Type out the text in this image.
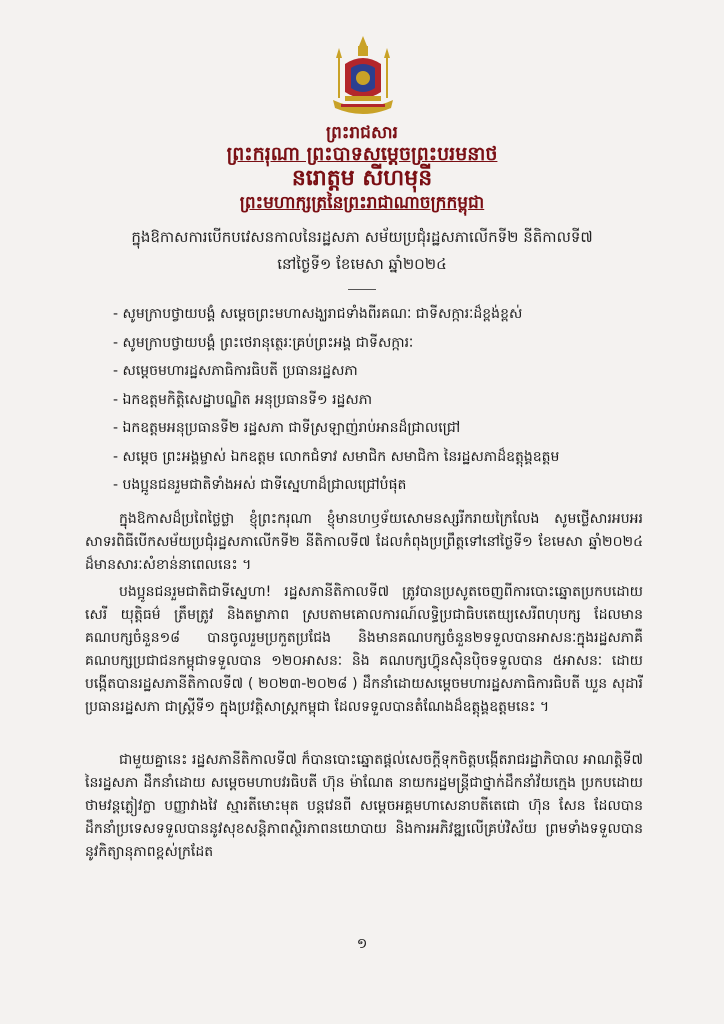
ព្រះរាជសារ
ព្រះករុណា ព្រះបាទសម្តេចព្រះបរមនាថ
នរោត្តម សីហមុនី
ព្រះមហាក្សត្រនៃព្រះរាជាណាចក្រកម្ពុជា
ក្នុងឱកាសការបើកបវេសនកាលនៃរដ្ឋសភា សម័យប្រជុំរដ្ឋសភាលើកទី២ នីតិកាលទី៧
នៅថ្ងៃទី១ ខែមេសា ឆ្នាំ២០២៤
- សូមក្រាបថ្វាយបង្គំ សម្តេចព្រះមហាសង្ឃរាជទាំងពីរគណៈ ជាទីសក្ការៈដ៏ខ្ពង់ខ្ពស់
- សូមក្រាបថ្វាយបង្គំ ព្រះថេរានុត្ថេរៈគ្រប់ព្រះអង្គ ជាទីសក្ការៈ
- សម្តេចមហារដ្ឋសភាធិការធិបតី ប្រធានរដ្ឋសភា
- ឯកឧត្តមកិត្តិសេដ្ឋាបណ្ឌិត អនុប្រធានទី១ រដ្ឋសភា
- ឯកឧត្តមអនុប្រធានទី២ រដ្ឋសភា ជាទីស្រឡាញ់រាប់អានដ៏ជ្រាលជ្រៅ
- សម្តេច ព្រះអង្គម្ចាស់ ឯកឧត្តម លោកជំទាវ សមាជិក សមាជិកា នៃរដ្ឋសភាដ៏ឧត្តុង្គឧត្តម
- បងប្អូនជនរួមជាតិទាំងអស់ ជាទីស្នេហាដ៏ជ្រាលជ្រៅបំផុត

ក្នុងឱកាសដ៏ប្រពៃថ្លៃថ្លា ខ្ញុំព្រះករុណា ខ្ញុំមានហឫទ័យសោមនស្សរីករាយក្រៃលែង សូមថ្លើសារអបអរសាទរពិធីបើកសម័យប្រជុំរដ្ឋសភាលើកទី២ នីតិកាលទី៧ ដែលកំពុងប្រព្រឹត្តទៅនៅថ្ងៃទី១ ខែមេសា ឆ្នាំ២០២៤ ដ៏មានសារៈសំខាន់នាពេលនេះ ។

បងប្អូនជនរួមជាតិជាទីស្នេហា! រដ្ឋសភានីតិកាលទី៧ ត្រូវបានប្រសូតចេញពីការបោះឆ្នោតប្រកបដោយសេរី យុត្តិធម៌ ត្រឹមត្រូវ និងតម្លាភាព ស្របតាមគោលការណ៍លទ្ធិប្រជាធិបតេយ្យសេរីពហុបក្ស ដែលមានគណបក្សចំនួន១៨ បានចូលរួមប្រកួតប្រជែង និងមានគណបក្សចំនួន២ទទួលបានអាសនៈក្នុងរដ្ឋសភាគឺ គណបក្សប្រជាជនកម្ពុជាទទួលបាន ១២០អាសនៈ និង គណបក្សហ៊្វុនស៊ិនប៉ិចទទួលបាន ៥អាសនៈ ដោយបង្កើតបានរដ្ឋសភានីតិកាលទី៧ ( ២០២៣-២០២៨ ) ដឹកនាំដោយសម្តេចមហារដ្ឋសភាធិការធិបតី ឃួន សុដារី ប្រធានរដ្ឋសភា ជាស្ត្រីទី១ ក្នុងប្រវត្តិសាស្ត្រកម្ពុជា ដែលទទួលបានតំណែងដ៏ឧត្តុង្គឧត្តមនេះ ។

ជាមួយគ្នានេះ រដ្ឋសភានីតិកាលទី៧ ក៏បានបោះឆ្នោតផ្តល់សេចក្តីទុកចិត្តបង្កើតរាជរដ្ឋាភិបាល អាណត្តិទី៧ នៃរដ្ឋសភា ដឹកនាំដោយ សម្តេចមហាបវរធិបតី ហ៊ុន ម៉ាណែត នាយករដ្ឋមន្ត្រីជាថ្នាក់ដឹកនាំវ័យក្មេង ប្រកបដោយថាមវន្តភ្លៀវក្លា បញ្ញាវាងវៃ ស្មារតីមោះមុត បន្តវេនពី សម្តេចអគ្គមហាសេនាបតីតេជោ ហ៊ុន សែន ដែលបានដឹកនាំប្រទេសទទួលបាននូវសុខសន្តិភាពស្ថិរភាពនយោបាយ និងការអភិវឌ្ឍលើគ្រប់វិស័យ ព្រមទាំងទទួលបាននូវកិត្យានុភាពខ្ពស់ក្រដែត

១
